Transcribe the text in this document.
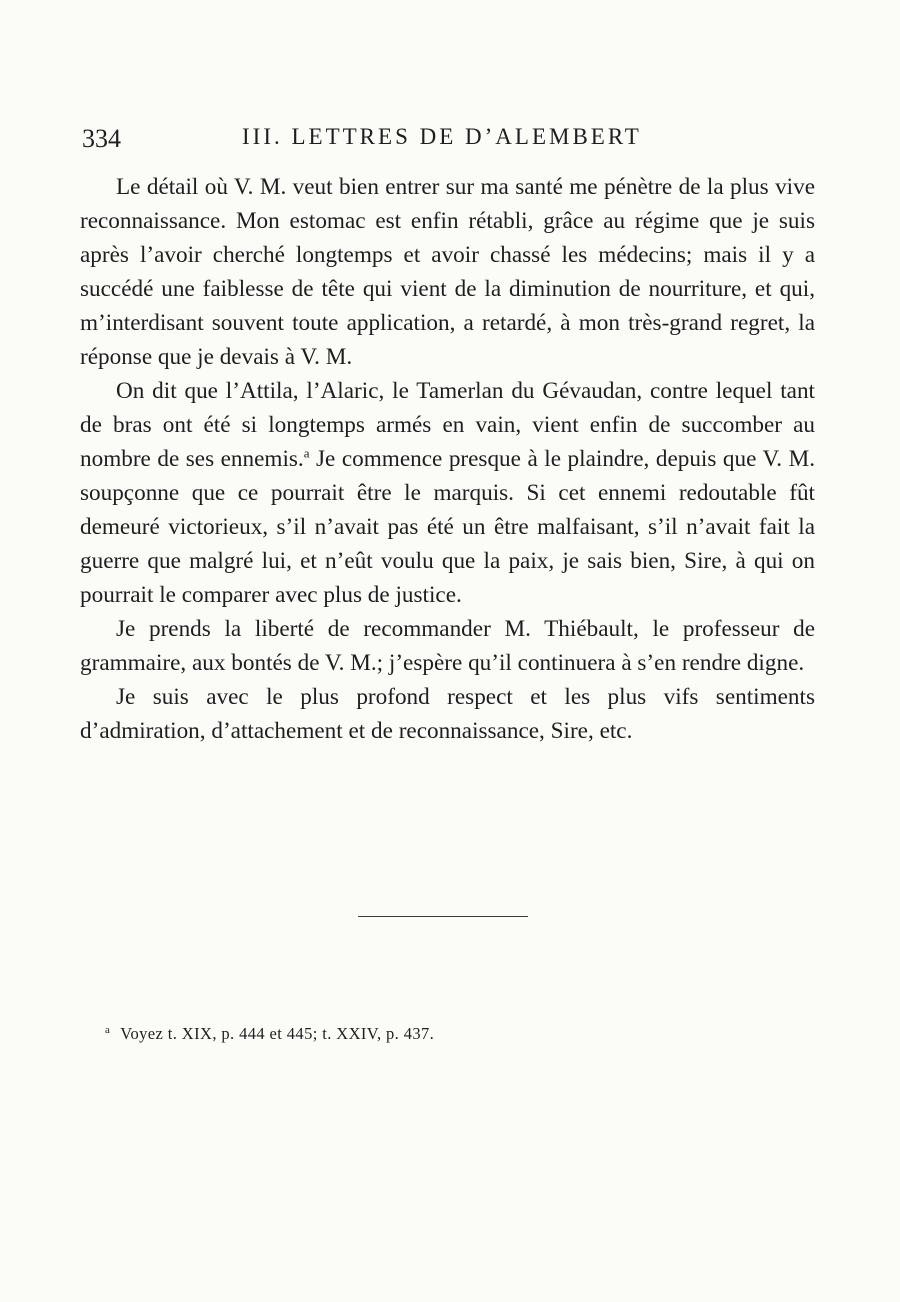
334	III. LETTRES DE D’ALEMBERT

Le détail où V. M. veut bien entrer sur ma santé me pénètre de la plus vive reconnaissance. Mon estomac est enfin rétabli, grâce au régime que je suis après l’avoir cherché longtemps et avoir chassé les médecins; mais il y a succédé une faiblesse de tête qui vient de la diminution de nourriture, et qui, m’interdisant souvent toute application, a retardé, à mon très-grand regret, la réponse que je devais à V. M.

On dit que l’Attila, l’Alaric, le Tamerlan du Gévaudan, contre lequel tant de bras ont été si longtemps armés en vain, vient enfin de succomber au nombre de ses ennemis.$^a$ Je commence presque à le plaindre, depuis que V. M. soupçonne que ce pourrait être le marquis. Si cet ennemi redoutable fût demeuré victorieux, s’il n’avait pas été un être malfaisant, s’il n’avait fait la guerre que malgré lui, et n’eût voulu que la paix, je sais bien, Sire, à qui on pourrait le comparer avec plus de justice.

Je prends la liberté de recommander M. Thiébault, le professeur de grammaire, aux bontés de V. M.; j’espère qu’il continuera à s’en rendre digne.

Je suis avec le plus profond respect et les plus vifs sentiments d’admiration, d’attachement et de reconnaissance, Sire, etc.

$^a$ Voyez t. XIX, p. 444 et 445; t. XXIV, p. 437.
